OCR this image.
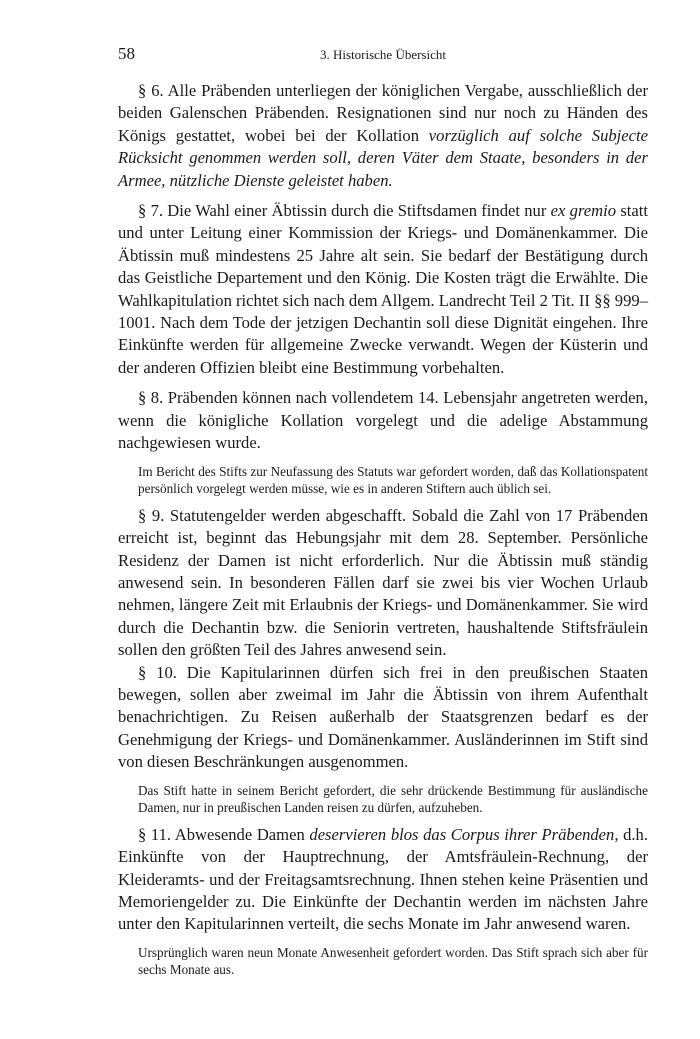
58	3. Historische Übersicht

§ 6. Alle Präbenden unterliegen der königlichen Vergabe, ausschließlich der beiden Galenschen Präbenden. Resignationen sind nur noch zu Händen des Königs gestattet, wobei bei der Kollation vorzüglich auf solche Subjecte Rücksicht genommen werden soll, deren Väter dem Staate, besonders in der Armee, nützliche Dienste geleistet haben.

§ 7. Die Wahl einer Äbtissin durch die Stiftsdamen findet nur ex gremio statt und unter Leitung einer Kommission der Kriegs- und Domänenkammer. Die Äbtissin muß mindestens 25 Jahre alt sein. Sie bedarf der Bestätigung durch das Geistliche Departement und den König. Die Kosten trägt die Erwählte. Die Wahlkapitulation richtet sich nach dem Allgem. Landrecht Teil 2 Tit. II §§ 999–1001. Nach dem Tode der jetzigen Dechantin soll diese Dignität eingehen. Ihre Einkünfte werden für allgemeine Zwecke verwandt. Wegen der Küsterin und der anderen Offizien bleibt eine Bestimmung vorbehalten.

§ 8. Präbenden können nach vollendetem 14. Lebensjahr angetreten werden, wenn die königliche Kollation vorgelegt und die adelige Abstammung nachgewiesen wurde.

Im Bericht des Stifts zur Neufassung des Statuts war gefordert worden, daß das Kollationspatent persönlich vorgelegt werden müsse, wie es in anderen Stiftern auch üblich sei.

§ 9. Statutengelder werden abgeschafft. Sobald die Zahl von 17 Präbenden erreicht ist, beginnt das Hebungsjahr mit dem 28. September. Persönliche Residenz der Damen ist nicht erforderlich. Nur die Äbtissin muß ständig anwesend sein. In besonderen Fällen darf sie zwei bis vier Wochen Urlaub nehmen, längere Zeit mit Erlaubnis der Kriegs- und Domänenkammer. Sie wird durch die Dechantin bzw. die Seniorin vertreten, haushaltende Stiftsfräulein sollen den größten Teil des Jahres anwesend sein.

§ 10. Die Kapitularinnen dürfen sich frei in den preußischen Staaten bewegen, sollen aber zweimal im Jahr die Äbtissin von ihrem Aufenthalt benachrichtigen. Zu Reisen außerhalb der Staatsgrenzen bedarf es der Genehmigung der Kriegs- und Domänenkammer. Ausländerinnen im Stift sind von diesen Beschränkungen ausgenommen.

Das Stift hatte in seinem Bericht gefordert, die sehr drückende Bestimmung für ausländische Damen, nur in preußischen Landen reisen zu dürfen, aufzuheben.

§ 11. Abwesende Damen deservieren blos das Corpus ihrer Präbenden, d.h. Einkünfte von der Hauptrechnung, der Amtsfräulein-Rechnung, der Kleideramts- und der Freitagsamtsrechnung. Ihnen stehen keine Präsentien und Memoriengelder zu. Die Einkünfte der Dechantin werden im nächsten Jahre unter den Kapitularinnen verteilt, die sechs Monate im Jahr anwesend waren.

Ursprünglich waren neun Monate Anwesenheit gefordert worden. Das Stift sprach sich aber für sechs Monate aus.
